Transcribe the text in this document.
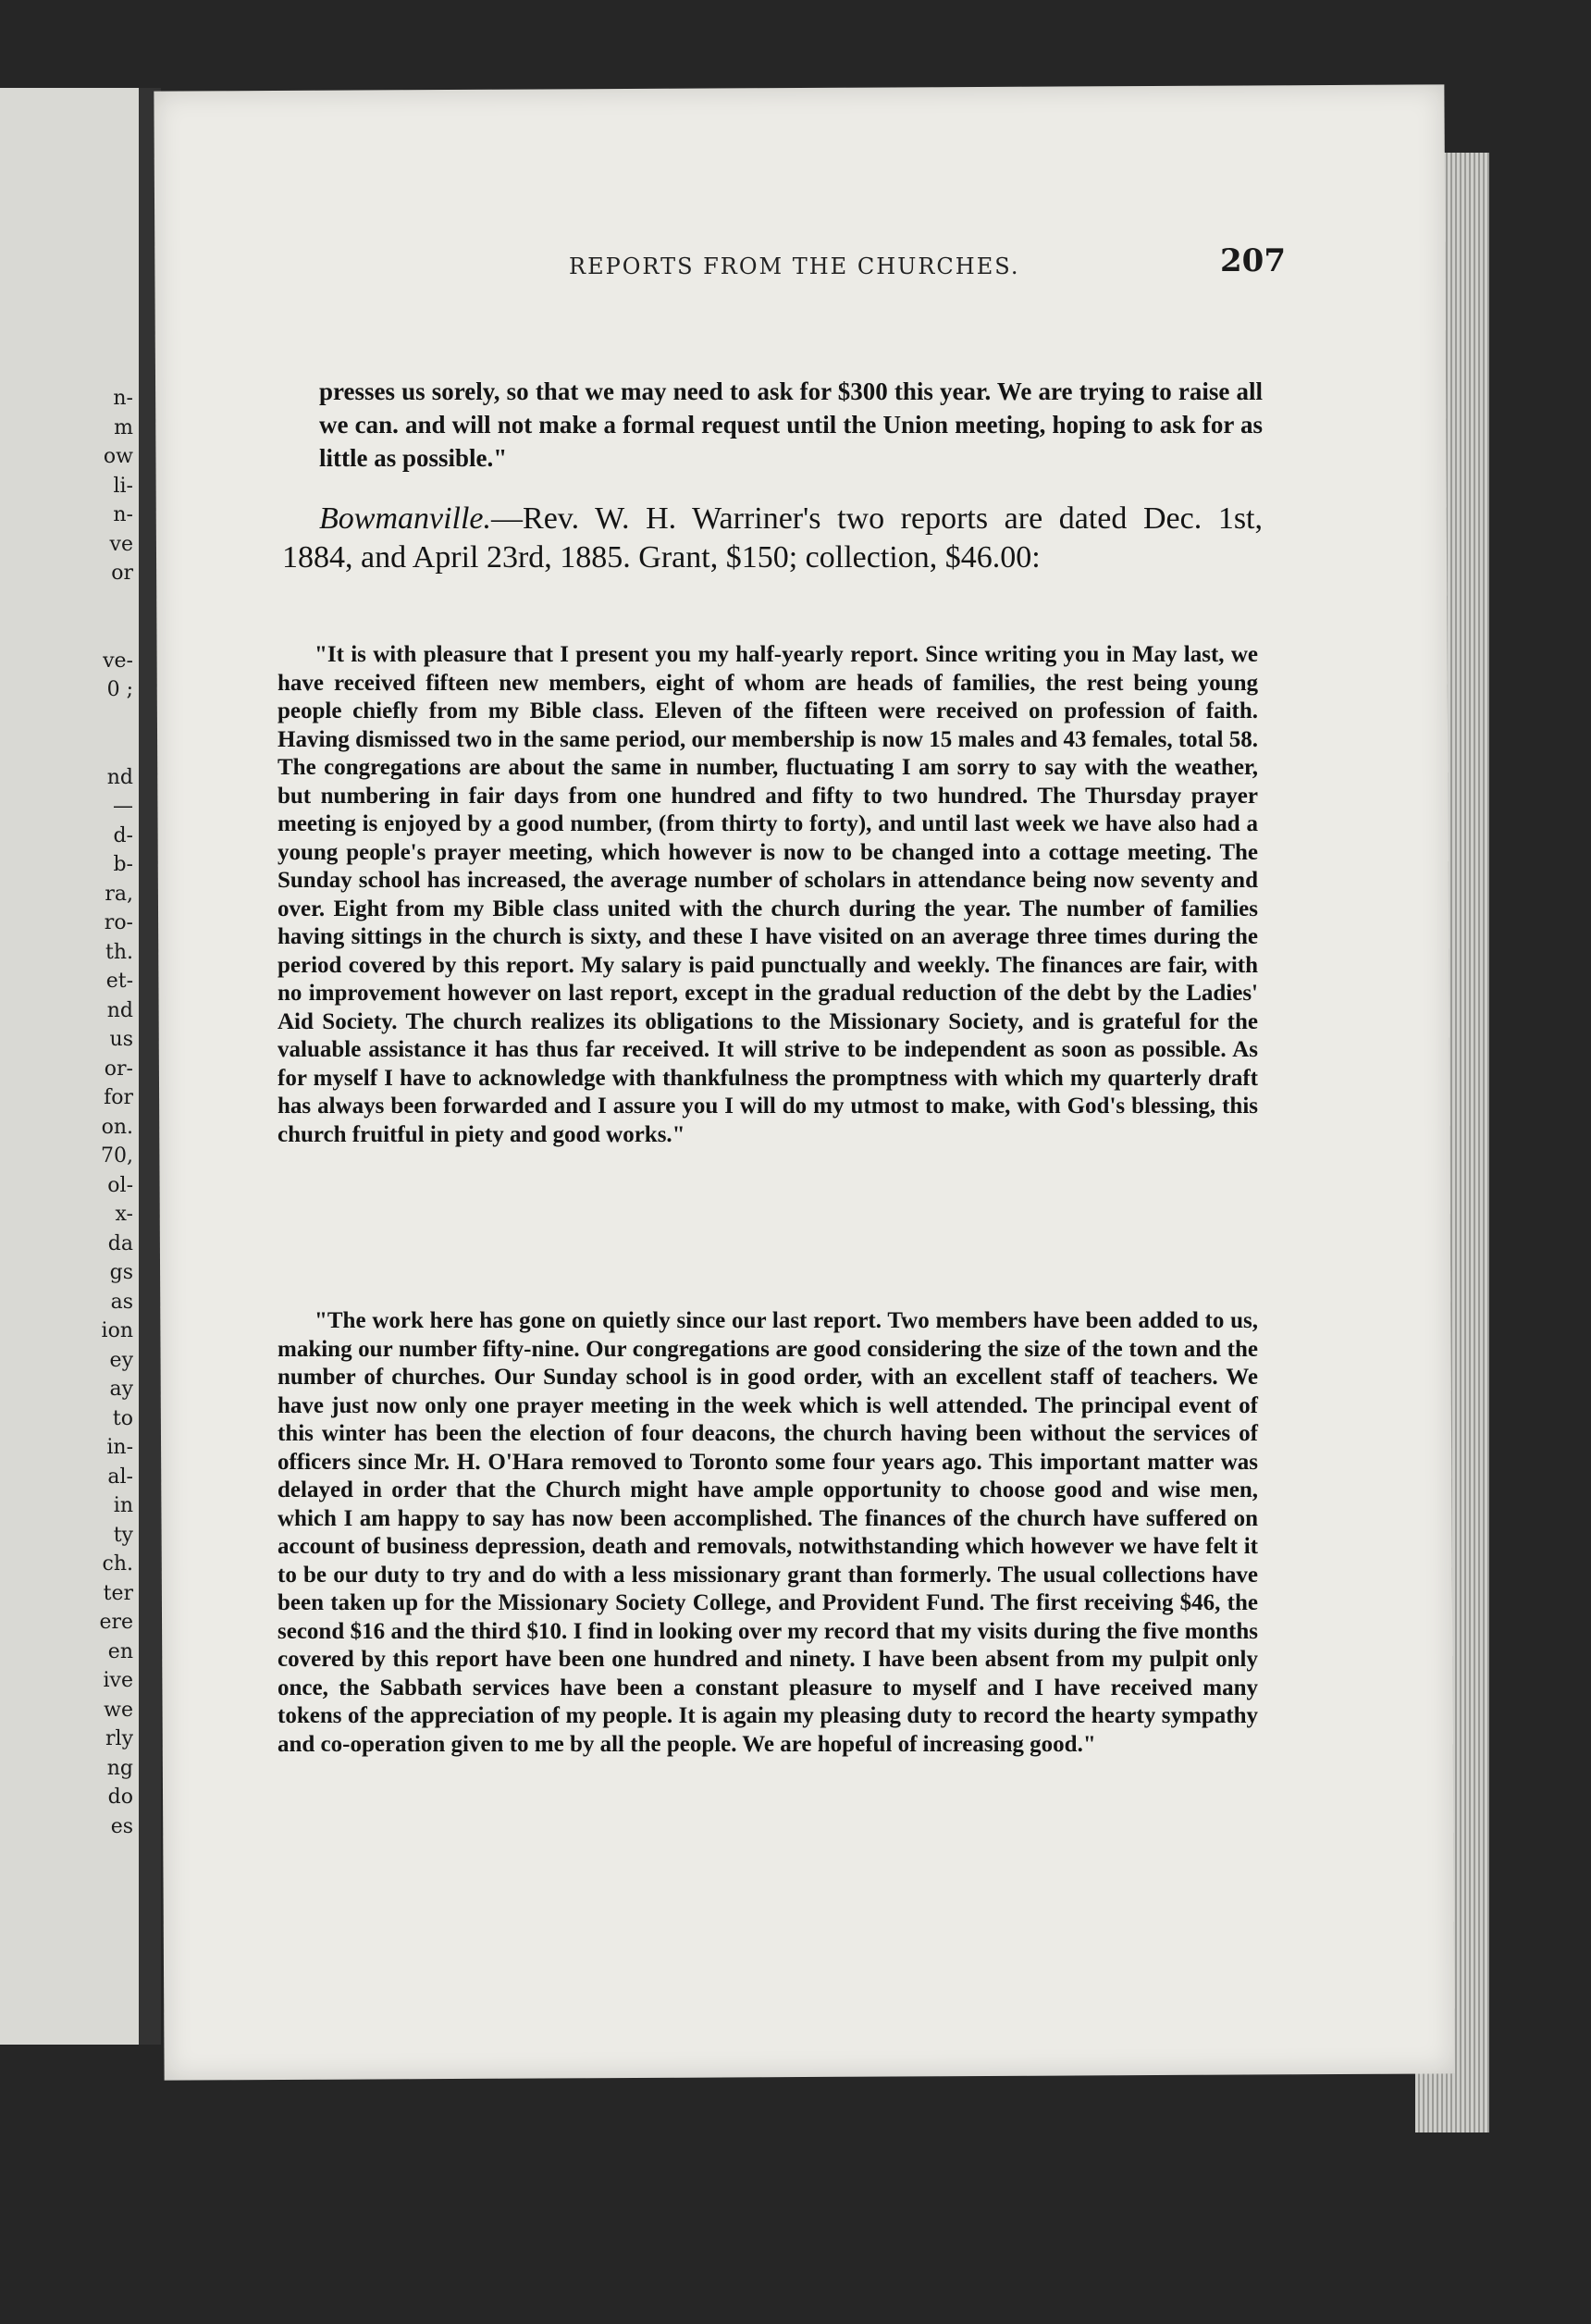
n-
m
ow
li-
n-
ve
or

ve-
0 ;

nd
—
d-
b-
ra,
ro-
th.
et-
nd
us
or-
for
on.
70,
ol-
x-
da
gs
as
ion
ey
ay
to
in-
al-
in
ty
ch.
ter
ere
en
ive
we
rly
ng
do
es
REPORTS FROM THE CHURCHES.	207

presses us sorely, so that we may need to ask for $300 this year. We are trying to raise all we can. and will not make a formal request until the Union meeting, hoping to ask for as little as possible."

Bowmanville.—Rev. W. H. Warriner's two reports are dated Dec. 1st, 1884, and April 23rd, 1885. Grant, $150; collection, $46.00:

"It is with pleasure that I present you my half-yearly report. Since writing you in May last, we have received fifteen new members, eight of whom are heads of families, the rest being young people chiefly from my Bible class. Eleven of the fifteen were received on profession of faith. Having dismissed two in the same period, our membership is now 15 males and 43 females, total 58. The congregations are about the same in number, fluctuating I am sorry to say with the weather, but numbering in fair days from one hundred and fifty to two hundred. The Thursday prayer meeting is enjoyed by a good number, (from thirty to forty), and until last week we have also had a young people's prayer meeting, which however is now to be changed into a cottage meeting. The Sunday school has increased, the average number of scholars in attendance being now seventy and over. Eight from my Bible class united with the church during the year. The number of families having sittings in the church is sixty, and these I have visited on an average three times during the period covered by this report. My salary is paid punctually and weekly. The finances are fair, with no improvement however on last report, except in the gradual reduction of the debt by the Ladies' Aid Society. The church realizes its obligations to the Missionary Society, and is grateful for the valuable assistance it has thus far received. It will strive to be independent as soon as possible. As for myself I have to acknowledge with thankfulness the promptness with which my quarterly draft has always been forwarded and I assure you I will do my utmost to make, with God's blessing, this church fruitful in piety and good works."

"The work here has gone on quietly since our last report. Two members have been added to us, making our number fifty-nine. Our congregations are good considering the size of the town and the number of churches. Our Sunday school is in good order, with an excellent staff of teachers. We have just now only one prayer meeting in the week which is well attended. The principal event of this winter has been the election of four deacons, the church having been without the services of officers since Mr. H. O'Hara removed to Toronto some four years ago. This important matter was delayed in order that the Church might have ample opportunity to choose good and wise men, which I am happy to say has now been accomplished. The finances of the church have suffered on account of business depression, death and removals, notwithstanding which however we have felt it to be our duty to try and do with a less missionary grant than formerly. The usual collections have been taken up for the Missionary Society College, and Provident Fund. The first receiving $46, the second $16 and the third $10. I find in looking over my record that my visits during the five months covered by this report have been one hundred and ninety. I have been absent from my pulpit only once, the Sabbath services have been a constant pleasure to myself and I have received many tokens of the appreciation of my people. It is again my pleasing duty to record the hearty sympathy and co-operation given to me by all the people. We are hopeful of increasing good."
